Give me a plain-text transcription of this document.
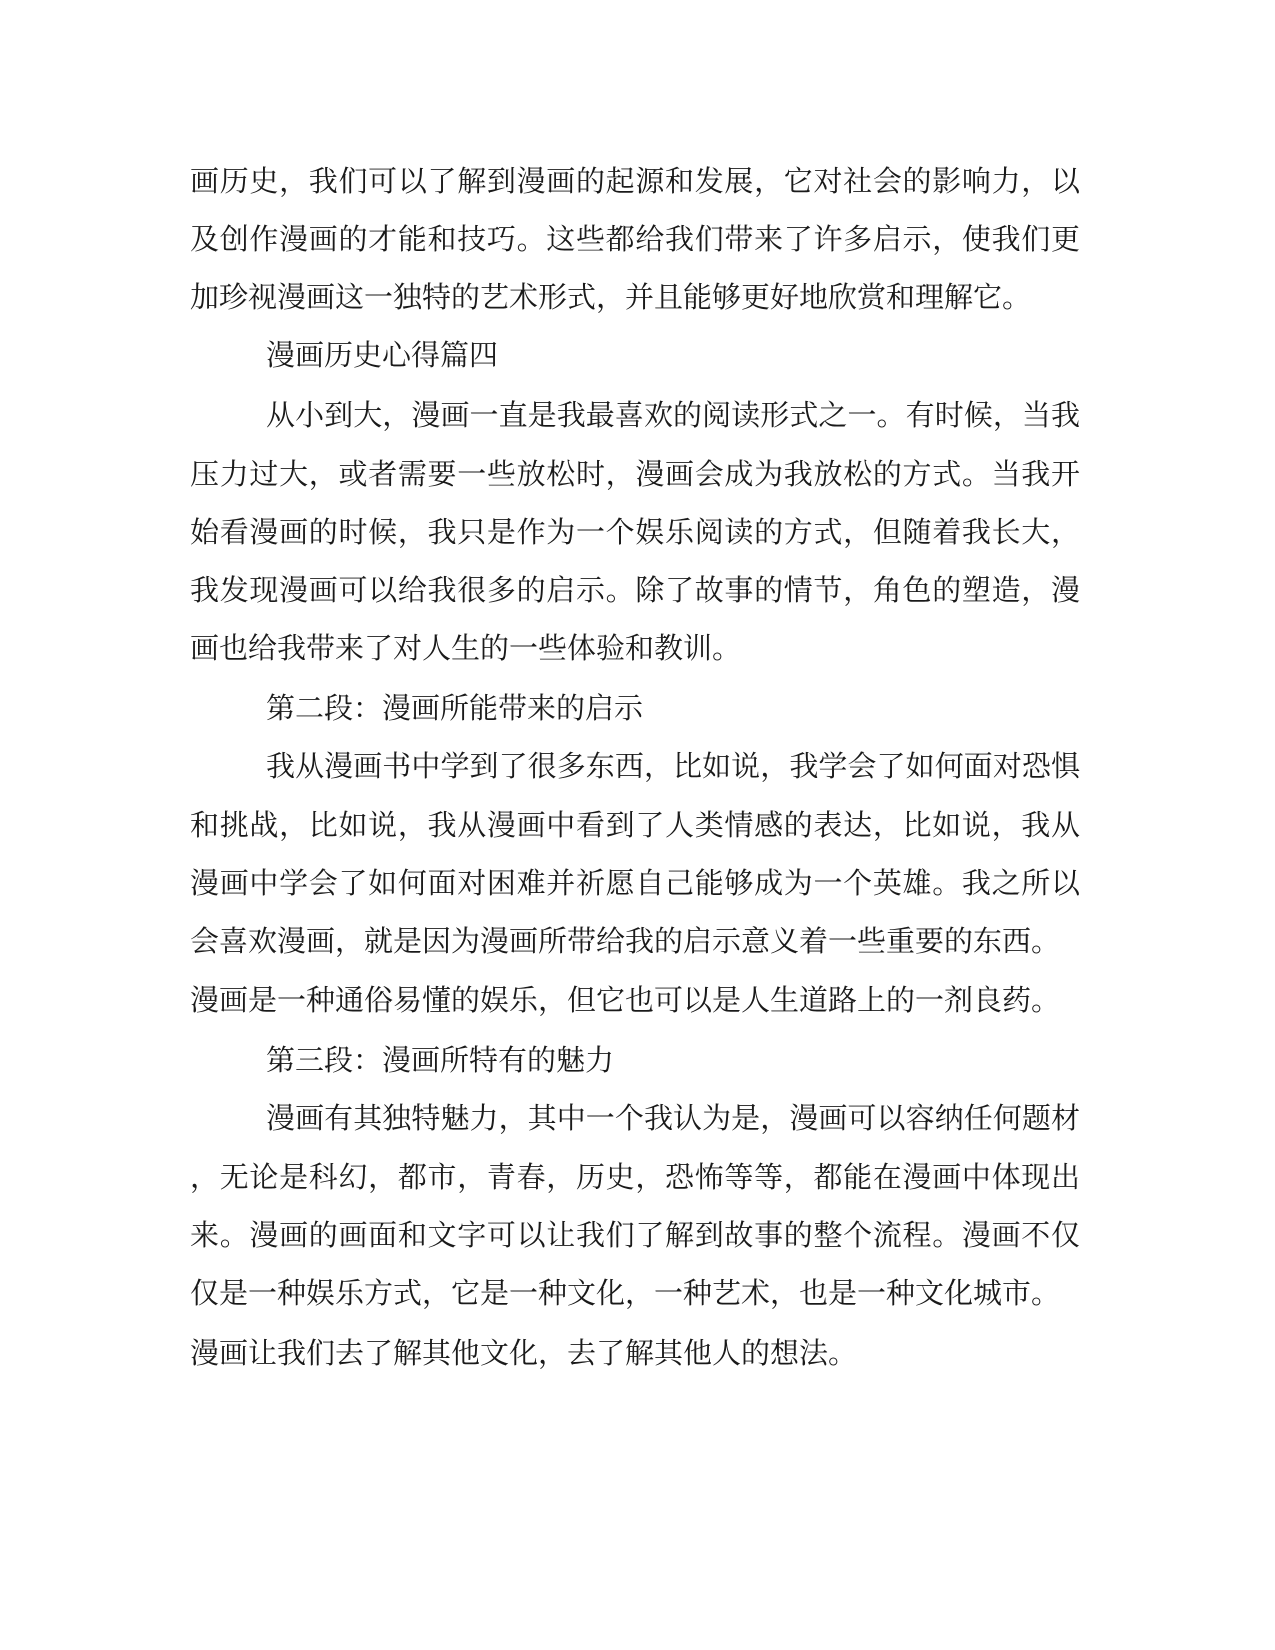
画历史，我们可以了解到漫画的起源和发展，它对社会的影响力，以

及创作漫画的才能和技巧。这些都给我们带来了许多启示，使我们更

加珍视漫画这一独特的艺术形式，并且能够更好地欣赏和理解它。

漫画历史心得篇四

从小到大，漫画一直是我最喜欢的阅读形式之一。有时候，当我

压力过大，或者需要一些放松时，漫画会成为我放松的方式。当我开

始看漫画的时候，我只是作为一个娱乐阅读的方式，但随着我长大，

我发现漫画可以给我很多的启示。除了故事的情节，角色的塑造，漫

画也给我带来了对人生的一些体验和教训。

第二段：漫画所能带来的启示

我从漫画书中学到了很多东西，比如说，我学会了如何面对恐惧

和挑战，比如说，我从漫画中看到了人类情感的表达，比如说，我从

漫画中学会了如何面对困难并祈愿自己能够成为一个英雄。我之所以

会喜欢漫画，就是因为漫画所带给我的启示意义着一些重要的东西。

漫画是一种通俗易懂的娱乐，但它也可以是人生道路上的一剂良药。

第三段：漫画所特有的魅力

漫画有其独特魅力，其中一个我认为是，漫画可以容纳任何题材

，无论是科幻，都市，青春，历史，恐怖等等，都能在漫画中体现出

来。漫画的画面和文字可以让我们了解到故事的整个流程。漫画不仅

仅是一种娱乐方式，它是一种文化，一种艺术，也是一种文化城市。

漫画让我们去了解其他文化，去了解其他人的想法。
